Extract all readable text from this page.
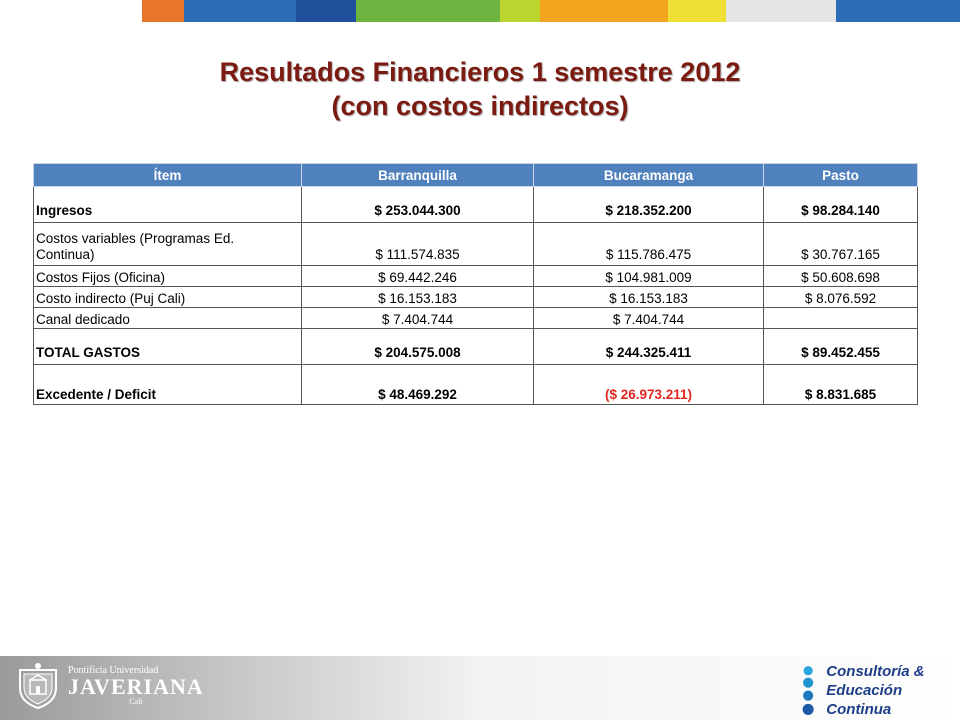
Resultados Financieros 1 semestre 2012
(con costos indirectos)
Ítem	Barranquilla	Bucaramanga	Pasto
Ingresos	$ 253.044.300	$ 218.352.200	$ 98.284.140
Costos variables (Programas Ed.
Continua)	$ 111.574.835	$ 115.786.475	$ 30.767.165
Costos Fijos (Oficina)	$ 69.442.246	$ 104.981.009	$ 50.608.698
Costo indirecto (Puj Cali)	$ 16.153.183	$ 16.153.183	$ 8.076.592
Canal dedicado	$ 7.404.744	$ 7.404.744	
TOTAL GASTOS	$ 204.575.008	$ 244.325.411	$ 89.452.455
Excedente / Deficit	$ 48.469.292	($ 26.973.211)	$ 8.831.685
Pontificia Universidad
JAVERIANA
Cali
Consultoría &
Educación Continua
